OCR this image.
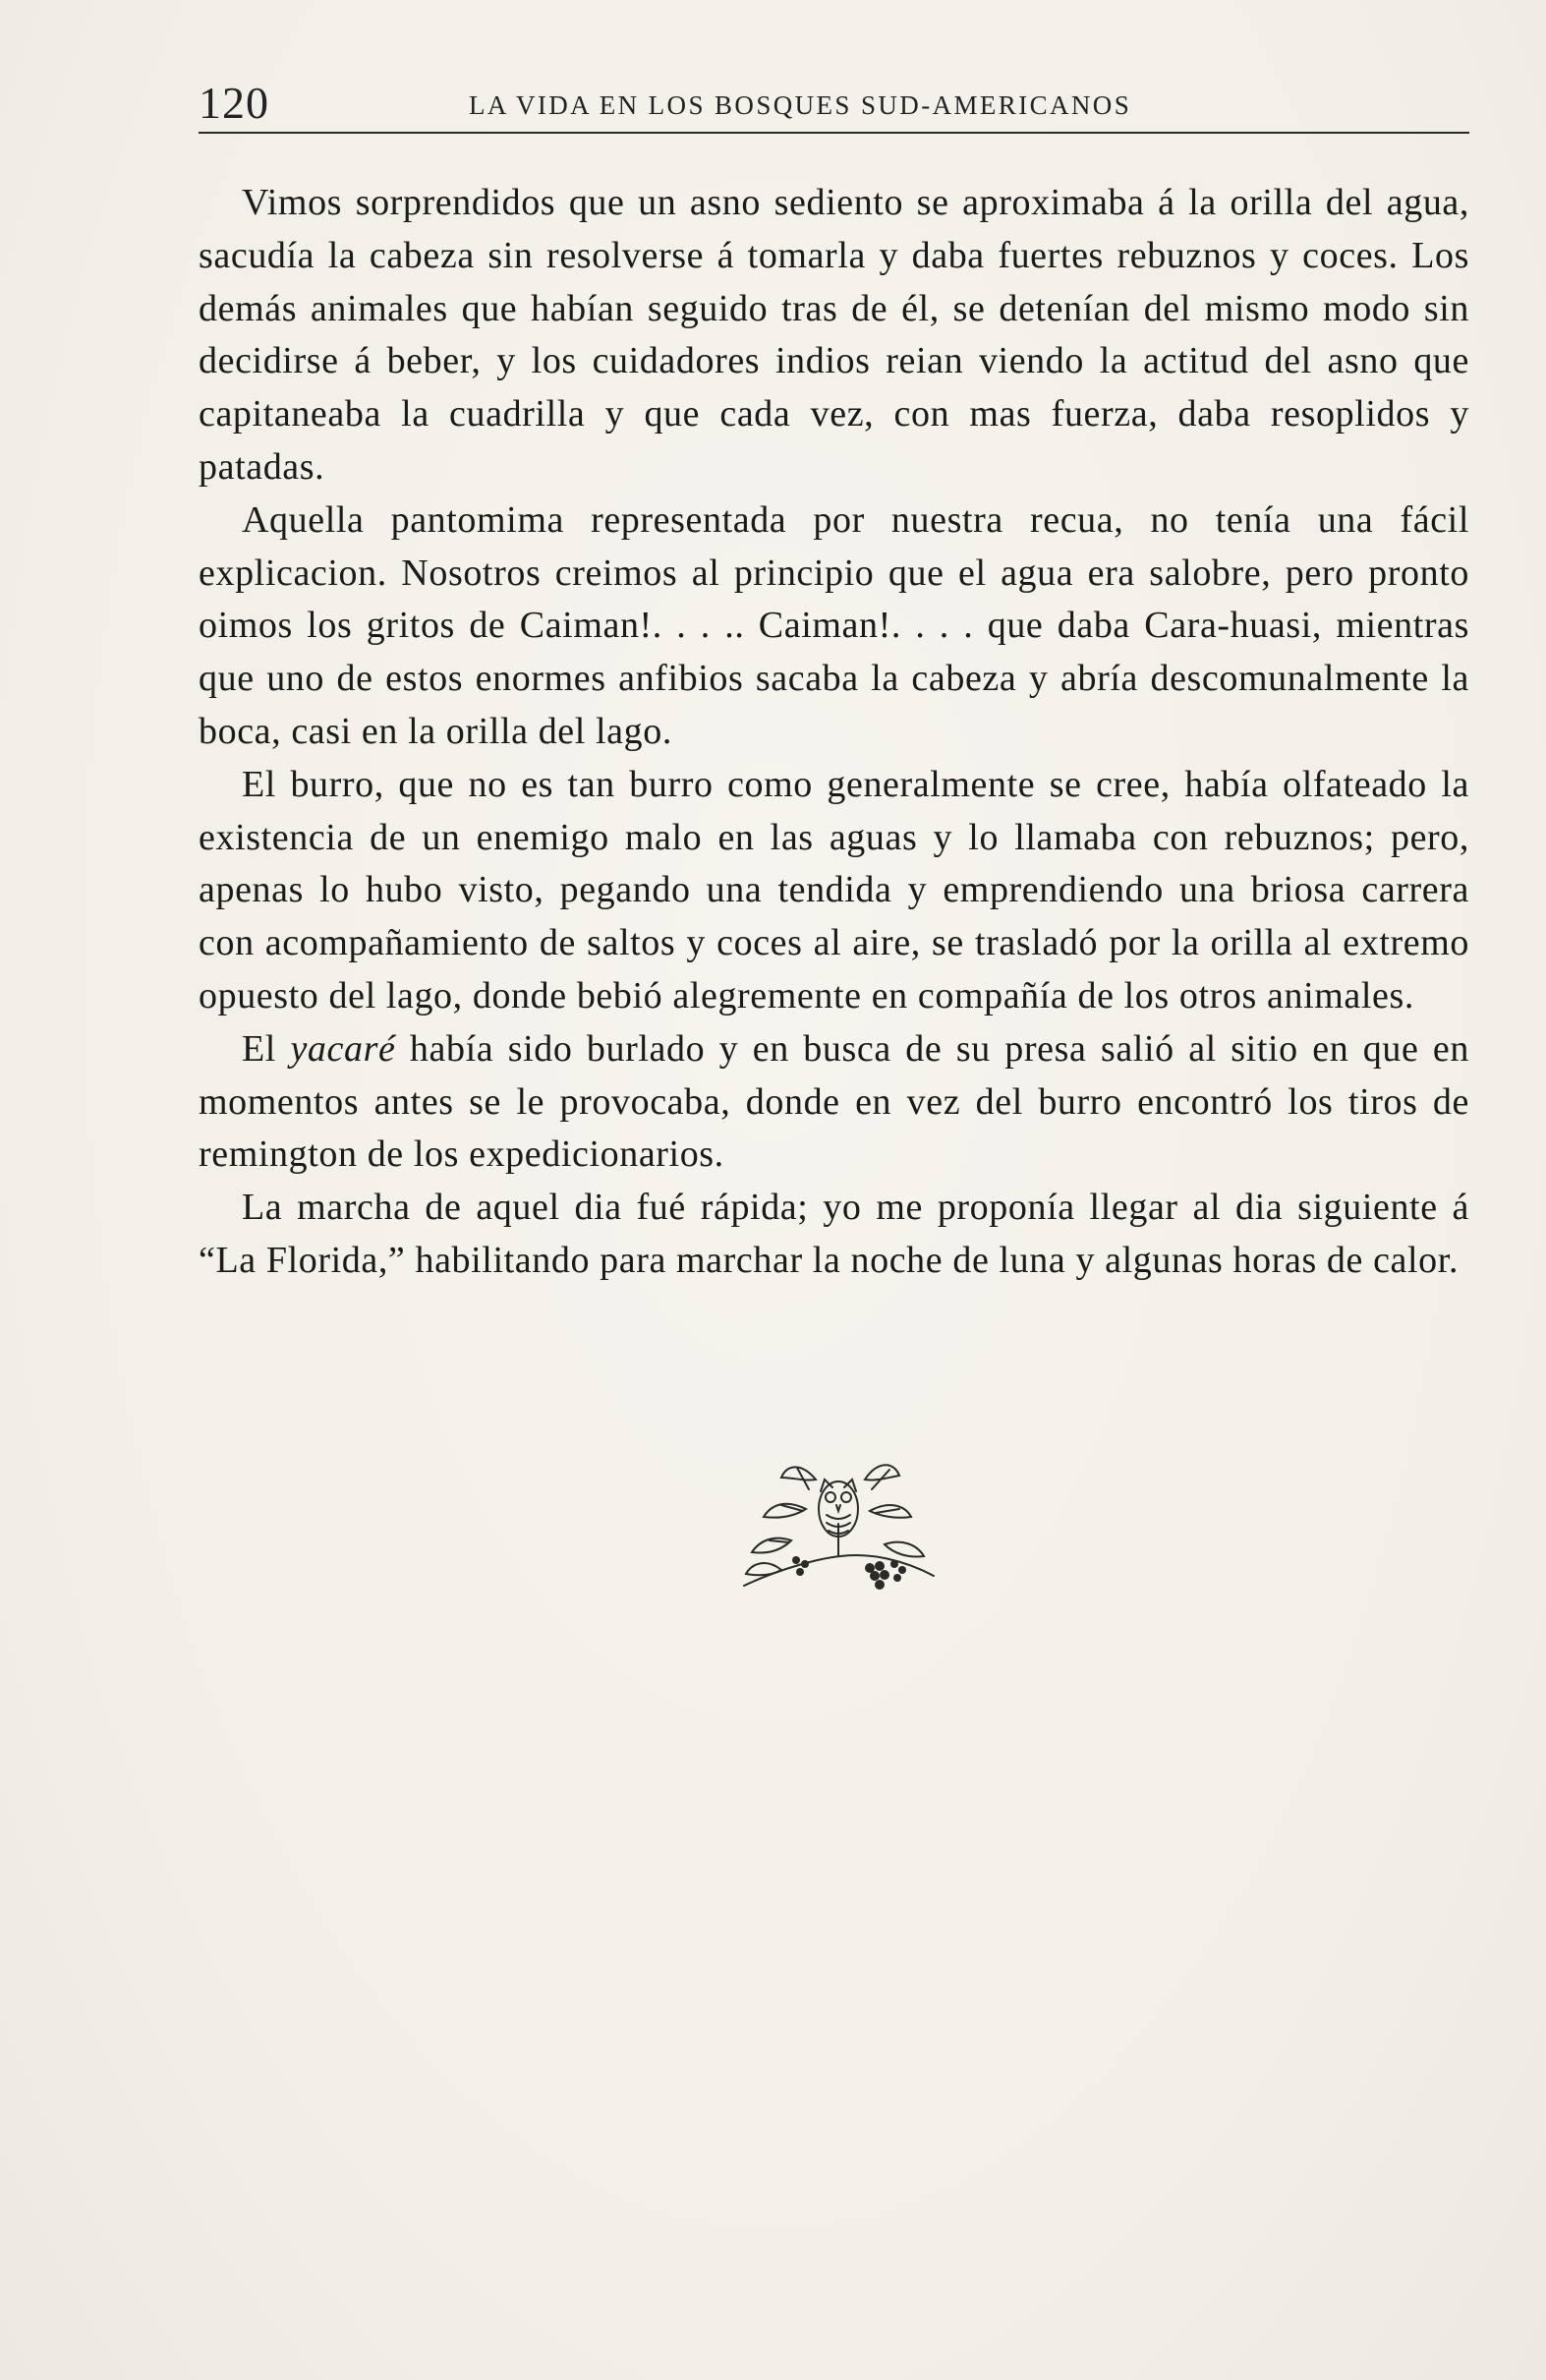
120	LA VIDA EN LOS BOSQUES SUD-AMERICANOS

Vimos sorprendidos que un asno sediento se aproximaba á la orilla del agua, sacudía la cabeza sin resolverse á tomarla y daba fuertes rebuznos y coces. Los demás animales que habían seguido tras de él, se detenían del mismo modo sin decidirse á beber, y los cuidadores indios reian viendo la actitud del asno que capitaneaba la cuadrilla y que cada vez, con mas fuerza, daba resoplidos y patadas.

Aquella pantomima representada por nuestra recua, no tenía una fácil explicacion. Nosotros creimos al principio que el agua era salobre, pero pronto oimos los gritos de Caiman!. . . .. Caiman!. . . . que daba Cara-huasi, mientras que uno de estos enormes anfibios sacaba la cabeza y abría descomunalmente la boca, casi en la orilla del lago.

El burro, que no es tan burro como generalmente se cree, había olfateado la existencia de un enemigo malo en las aguas y lo llamaba con rebuznos; pero, apenas lo hubo visto, pegando una tendida y emprendiendo una briosa carrera con acompañamiento de saltos y coces al aire, se trasladó por la orilla al extremo opuesto del lago, donde bebió alegremente en compañía de los otros animales.

El yacaré había sido burlado y en busca de su presa salió al sitio en que en momentos antes se le provocaba, donde en vez del burro encontró los tiros de remington de los expedicionarios.

La marcha de aquel dia fué rápida; yo me proponía llegar al dia siguiente á “La Florida,” habilitando para marchar la noche de luna y algunas horas de calor.
